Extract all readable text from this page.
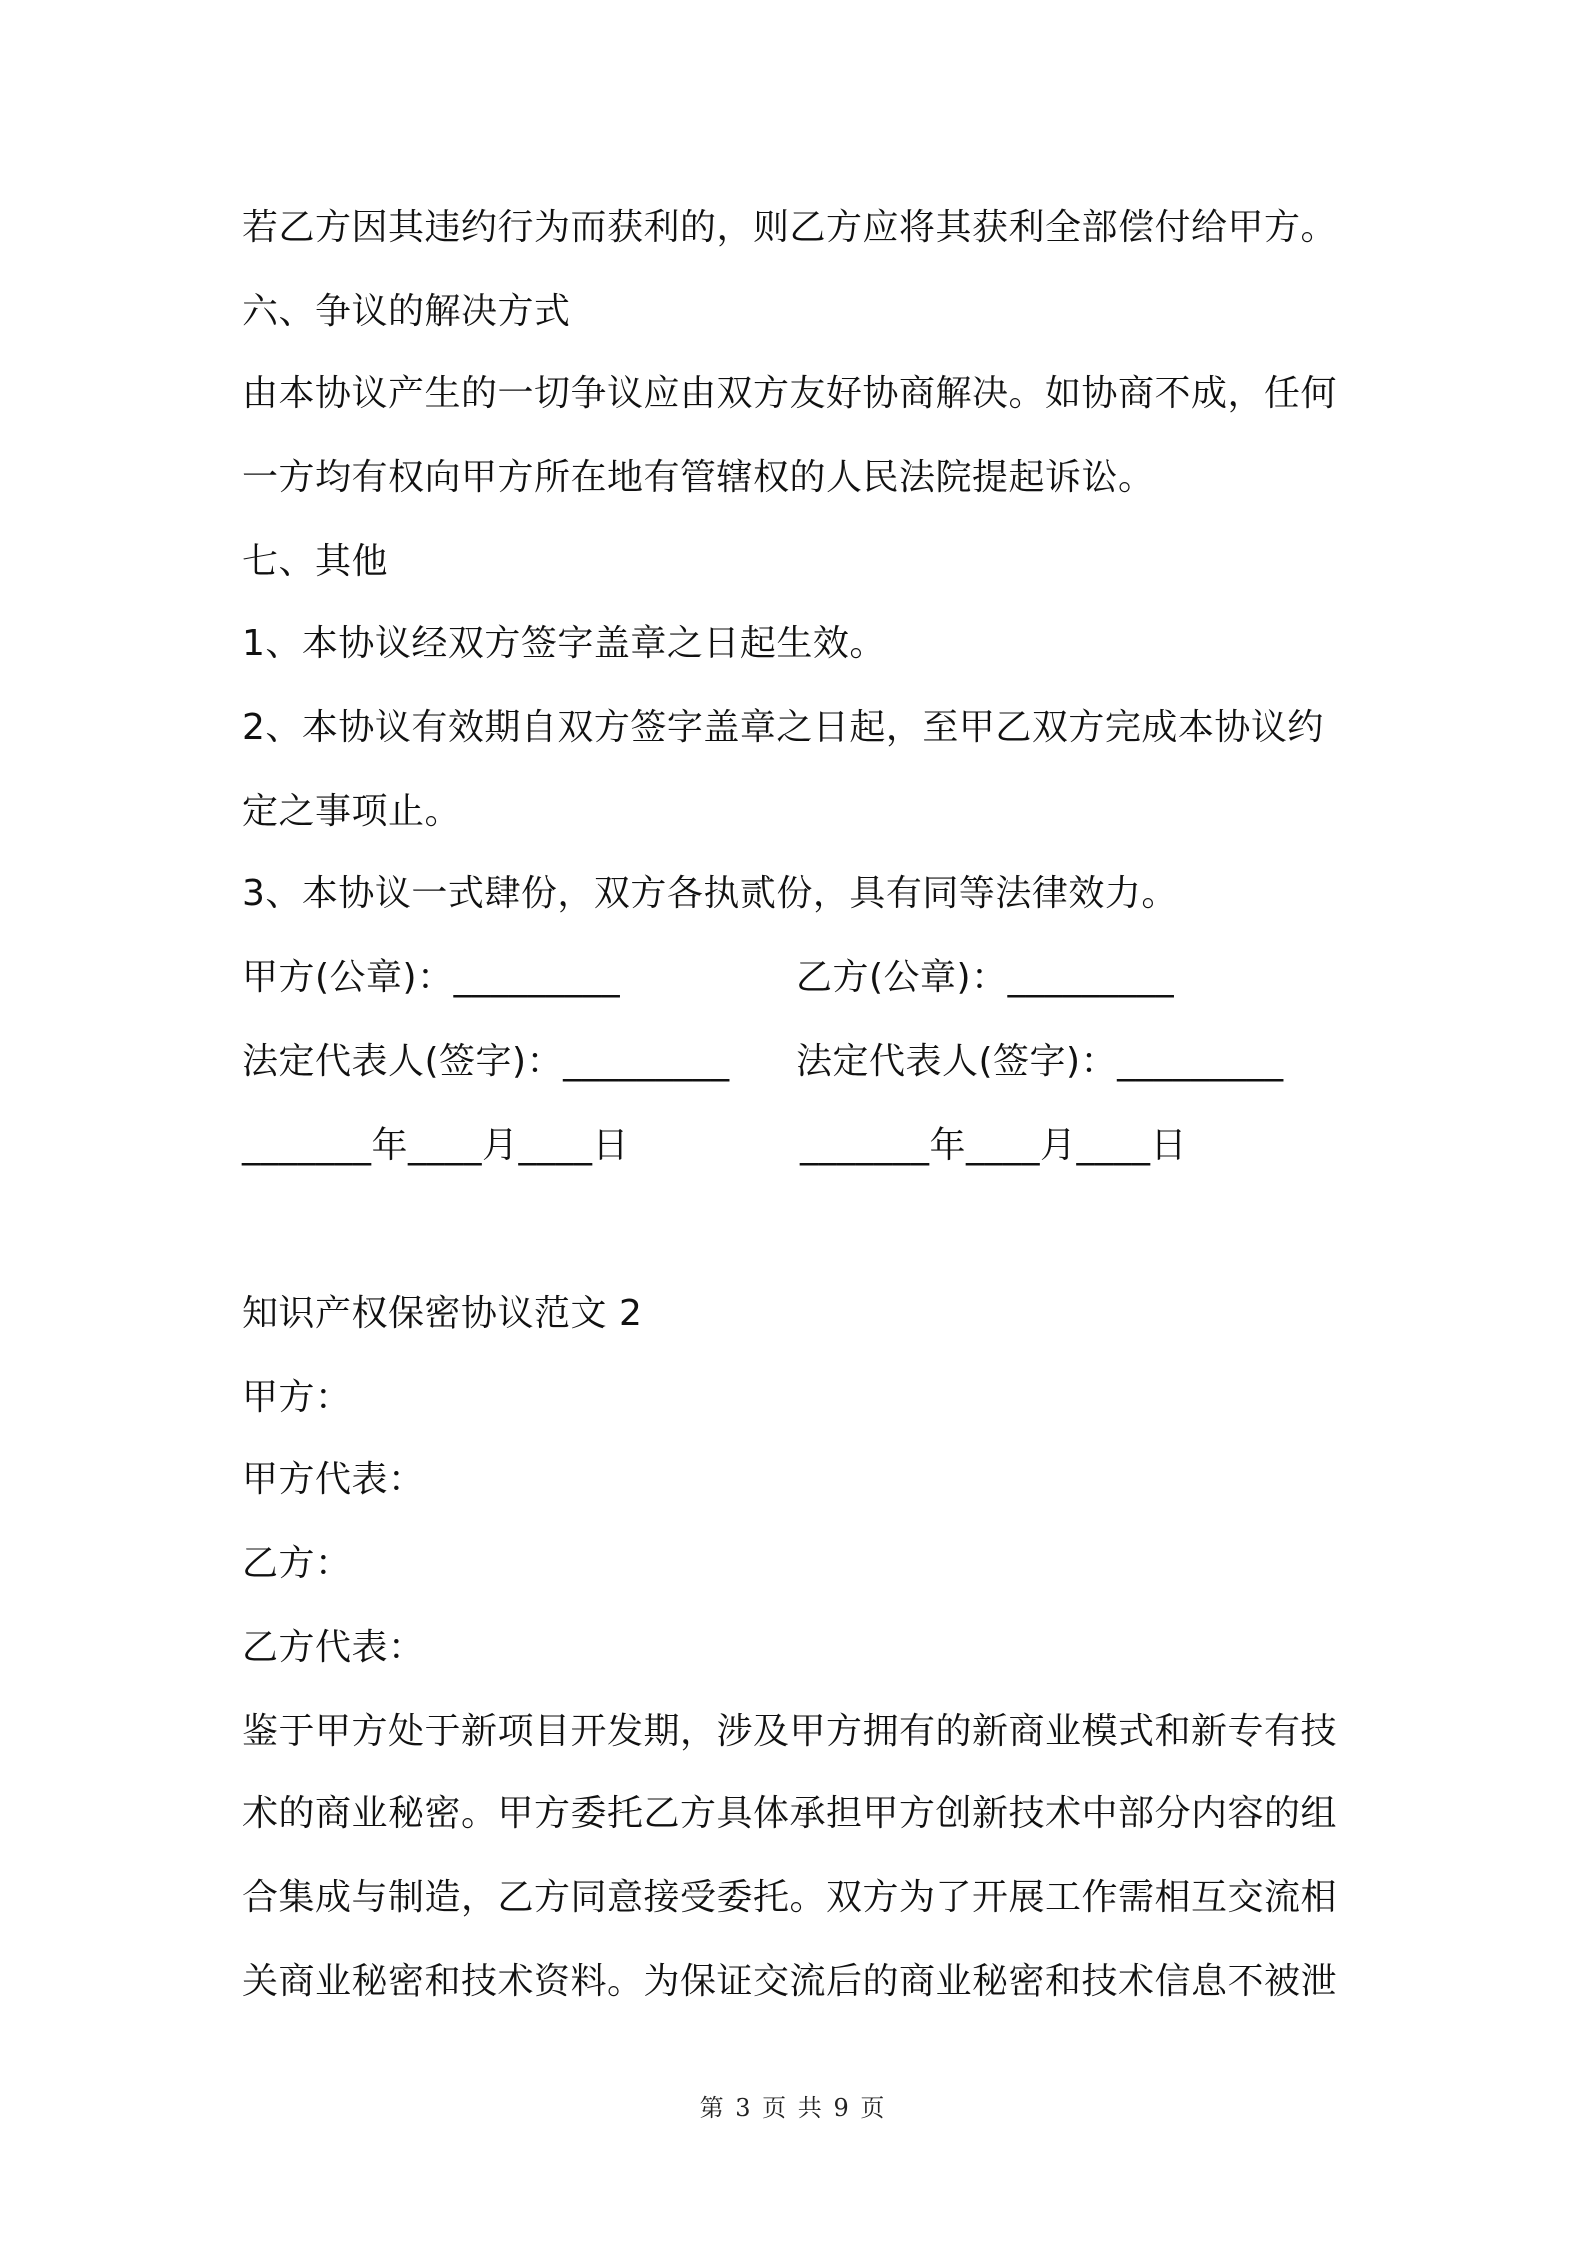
若乙方因其违约行为而获利的，则乙方应将其获利全部偿付给甲方。
六、争议的解决方式
由本协议产生的一切争议应由双方友好协商解决。如协商不成，任何
一方均有权向甲方所在地有管辖权的人民法院提起诉讼。
七、其他
1、本协议经双方签字盖章之日起生效。
2、本协议有效期自双方签字盖章之日起，至甲乙双方完成本协议约
定之事项止。
3、本协议一式肆份，双方各执贰份，具有同等法律效力。
甲方(公章)：_________	乙方(公章)：_________
法定代表人(签字)：_________ 法定代表人(签字)：_________
_______年____月____日	_______年____月____日
知识产权保密协议范文 2
甲方：
甲方代表：
乙方：
乙方代表：
鉴于甲方处于新项目开发期，涉及甲方拥有的新商业模式和新专有技
术的商业秘密。甲方委托乙方具体承担甲方创新技术中部分内容的组
合集成与制造，乙方同意接受委托。双方为了开展工作需相互交流相
关商业秘密和技术资料。为保证交流后的商业秘密和技术信息不被泄
第 3 页 共 9 页
